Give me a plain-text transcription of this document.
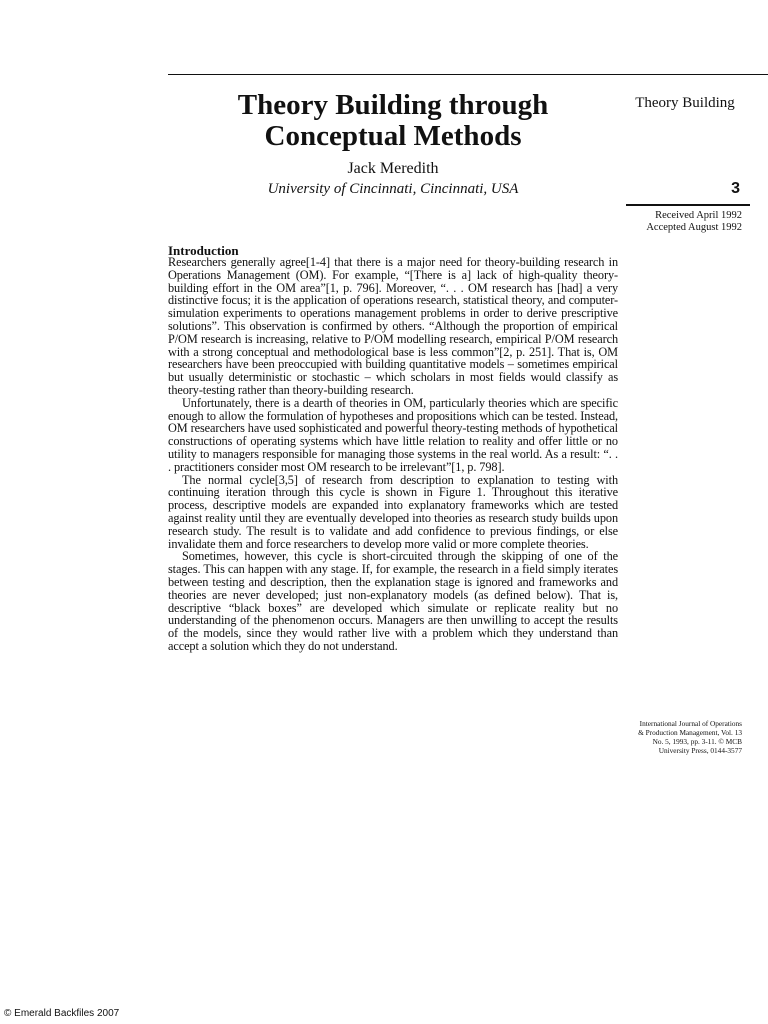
Theory Building through
Conceptual Methods
Jack Meredith
University of Cincinnati, Cincinnati, USA
Theory Building
3
Received April 1992
Accepted August 1992
Introduction

Researchers generally agree[1-4] that there is a major need for theory-building research in Operations Management (OM). For example, “[There is a] lack of high-quality theory-building effort in the OM area”[1, p. 796]. Moreover, “. . . OM research has [had] a very distinctive focus; it is the application of operations research, statistical theory, and computer-simulation experiments to operations management problems in order to derive prescriptive solutions”. This observation is confirmed by others. “Although the proportion of empirical P/OM research is increasing, relative to P/OM modelling research, empirical P/OM research with a strong conceptual and methodological base is less common”[2, p. 251]. That is, OM researchers have been preoccupied with building quantitative models – sometimes empirical but usually deterministic or stochastic – which scholars in most fields would classify as theory-testing rather than theory-building research.

Unfortunately, there is a dearth of theories in OM, particularly theories which are specific enough to allow the formulation of hypotheses and propositions which can be tested. Instead, OM researchers have used sophisticated and powerful theory-testing methods of hypothetical constructions of operating systems which have little relation to reality and offer little or no utility to managers responsible for managing those systems in the real world. As a result: “. . . practitioners consider most OM research to be irrelevant”[1, p. 798].

The normal cycle[3,5] of research from description to explanation to testing with continuing iteration through this cycle is shown in Figure 1. Throughout this iterative process, descriptive models are expanded into explanatory frameworks which are tested against reality until they are eventually developed into theories as research study builds upon research study. The result is to validate and add confidence to previous findings, or else invalidate them and force researchers to develop more valid or more complete theories.

Sometimes, however, this cycle is short-circuited through the skipping of one of the stages. This can happen with any stage. If, for example, the research in a field simply iterates between testing and description, then the explanation stage is ignored and frameworks and theories are never developed; just non-explanatory models (as defined below). That is, descriptive “black boxes” are developed which simulate or replicate reality but no understanding of the phenomenon occurs. Managers are then unwilling to accept the results of the models, since they would rather live with a problem which they understand than accept a solution which they do not understand.

International Journal of Operations
& Production Management, Vol. 13
No. 5, 1993, pp. 3-11. © MCB
University Press, 0144-3577
© Emerald Backfiles 2007
